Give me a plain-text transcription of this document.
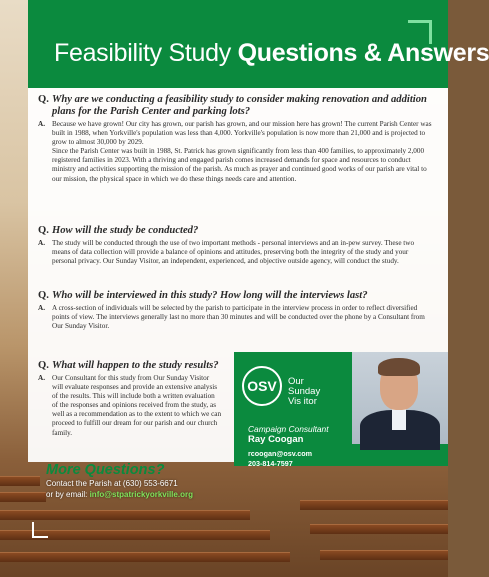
Feasibility Study Questions & Answers

Q. Why are we conducting a feasibility study to consider making renovation and addition plans for the Parish Center and parking lots?

A. Because we have grown! Our city has grown, our parish has grown, and our mission here has grown! The current Parish Center was built in 1988, when Yorkville's population was less than 4,000. Yorkville's population is now more than 21,000 and is projected to grow to almost 30,000 by 2029.

Since the Parish Center was built in 1988, St. Patrick has grown significantly from less than 400 families, to approximately 2,000 registered families in 2023. With a thriving and engaged parish comes increased demands for space and resources to conduct ministry and activities supporting the mission of the parish. As much as prayer and continued good works of our parish are vital to our mission, the physical space in which we do these things needs care and attention.

Q. How will the study be conducted?

A. The study will be conducted through the use of two important methods - personal interviews and an in-pew survey. These two means of data collection will provide a balance of opinions and attitudes, preserving both the integrity of the study and your personal privacy. Our Sunday Visitor, an independent, experienced, and objective outside agency, will conduct the study.

Q. Who will be interviewed in this study? How long will the interviews last?

A. A cross-section of individuals will be selected by the parish to participate in the interview process in order to reflect diversified points of view. The interviews generally last no more than 30 minutes and will be conducted over the phone by a Consultant from Our Sunday Visitor.

Q. What will happen to the study results?

A. Our Consultant for this study from Our Sunday Visitor will evaluate responses and provide an extensive analysis of the results. This will include both a written evaluation of the responses and opinions received from the study, as well as a recommendation as to the extent to which we can proceed to fulfill our dream for our parish and our church family.

OSV	Our
Sunday
Vis itor
Campaign Consultant
Ray Coogan
rcoogan@osv.com
203-814-7597
More Questions?
Contact the Parish at (630) 553-6671
or by email: info@stpatrickyorkville.org
